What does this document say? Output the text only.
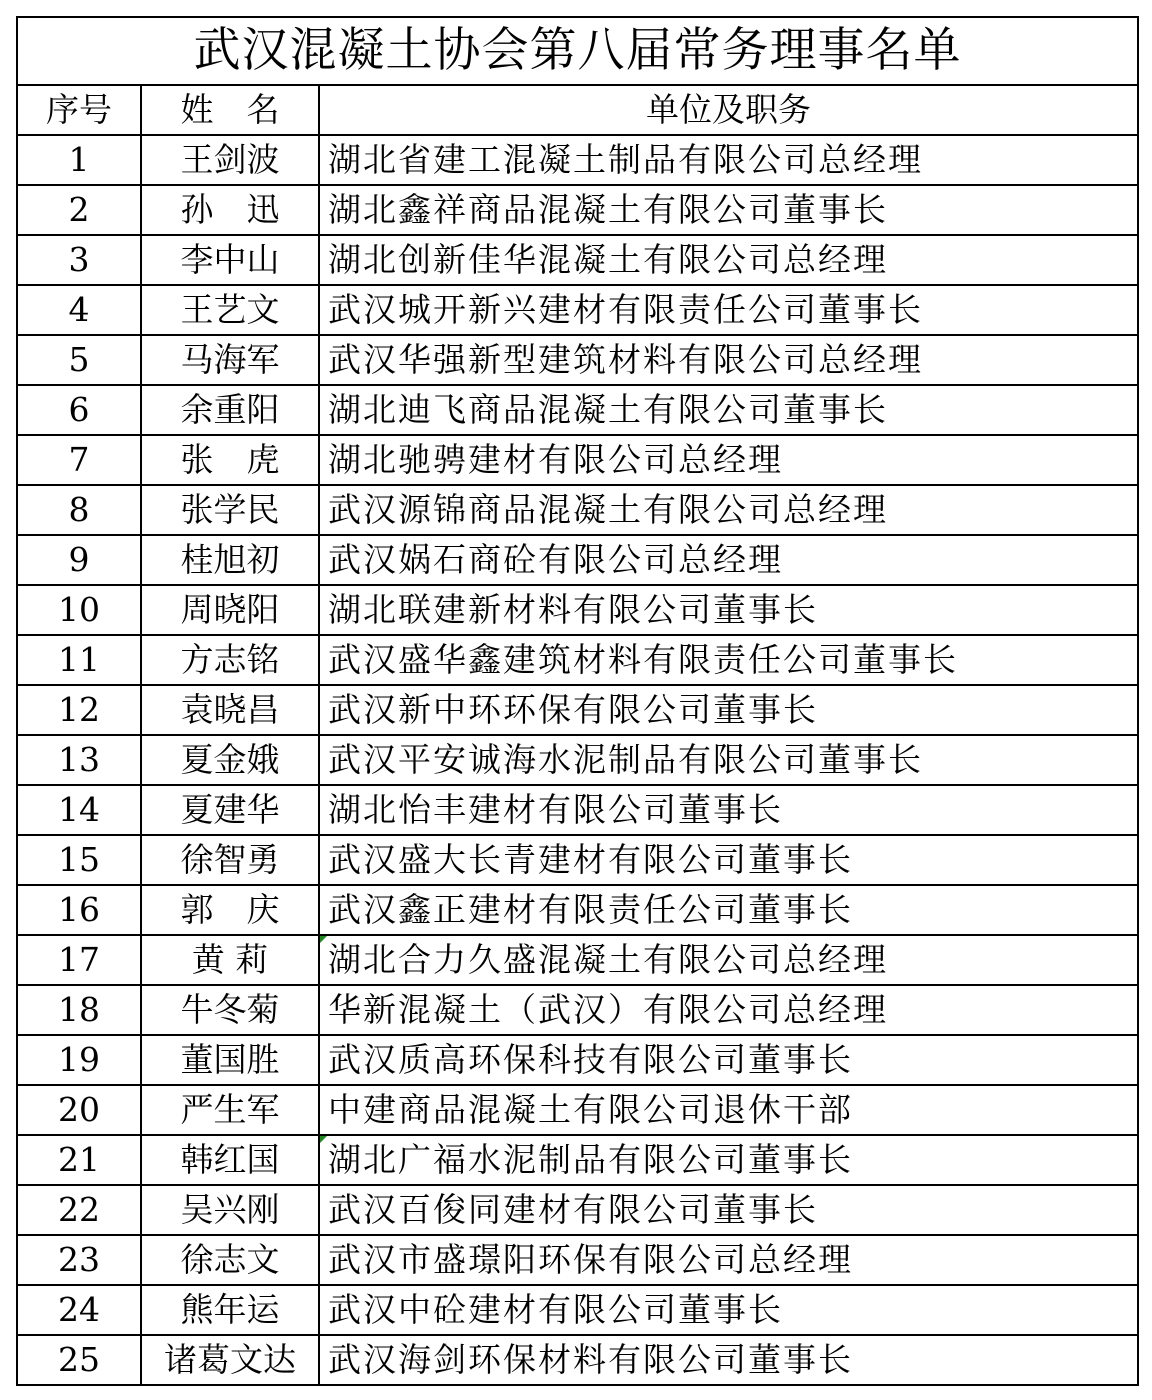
武汉混凝土协会第八届常务理事名单		
序号	姓　名	单位及职务
1	王剑波	湖北省建工混凝土制品有限公司总经理
2	孙　迅	湖北鑫祥商品混凝土有限公司董事长
3	李中山	湖北创新佳华混凝土有限公司总经理
4	王艺文	武汉城开新兴建材有限责任公司董事长
5	马海军	武汉华强新型建筑材料有限公司总经理
6	余重阳	湖北迪飞商品混凝土有限公司董事长
7	张　虎	湖北驰骋建材有限公司总经理
8	张学民	武汉源锦商品混凝土有限公司总经理
9	桂旭初	武汉娲石商砼有限公司总经理
10	周晓阳	湖北联建新材料有限公司董事长
11	方志铭	武汉盛华鑫建筑材料有限责任公司董事长
12	袁晓昌	武汉新中环环保有限公司董事长
13	夏金娥	武汉平安诚海水泥制品有限公司董事长
14	夏建华	湖北怡丰建材有限公司董事长
15	徐智勇	武汉盛大长青建材有限公司董事长
16	郭　庆	武汉鑫正建材有限责任公司董事长
17	黄 莉	湖北合力久盛混凝土有限公司总经理

18	牛冬菊	华新混凝土（武汉）有限公司总经理
19	董国胜	武汉质高环保科技有限公司董事长
20	严生军	中建商品混凝土有限公司退休干部
21	韩红国	湖北广福水泥制品有限公司董事长

22	吴兴刚	武汉百俊同建材有限公司董事长
23	徐志文	武汉市盛璟阳环保有限公司总经理
24	熊年运	武汉中砼建材有限公司董事长
25	诸葛文达	武汉海剑环保材料有限公司董事长
